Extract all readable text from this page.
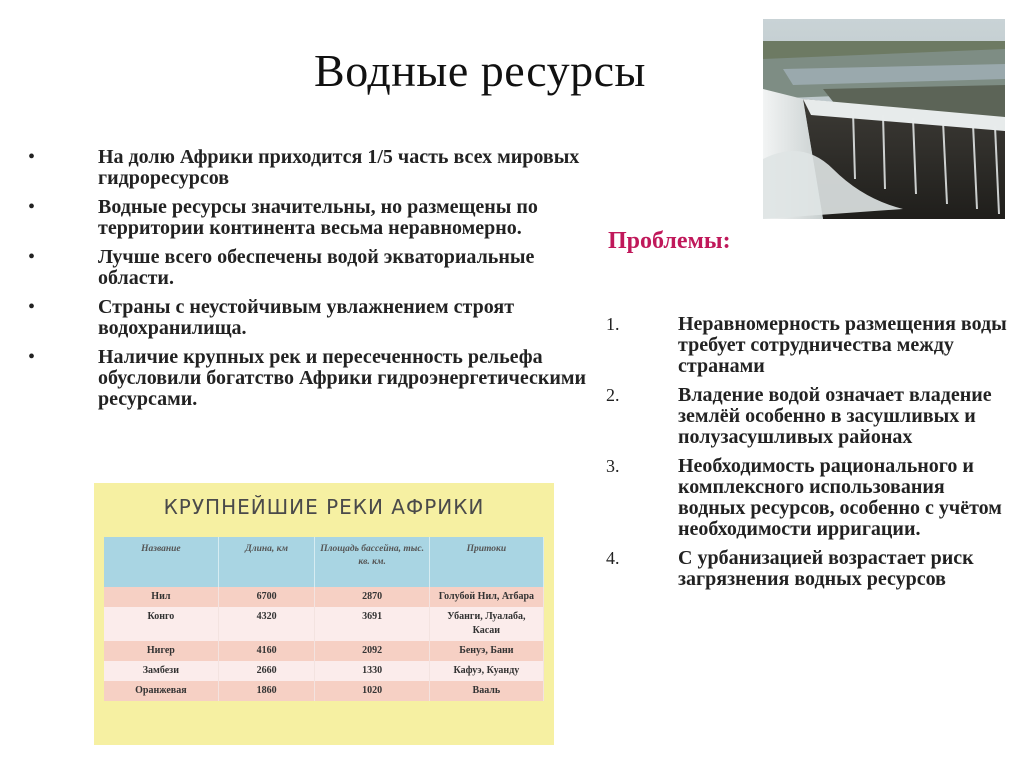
Водные ресурсы
•	На долю Африки приходится 1/5 часть всех мировых гидроресурсов
•	Водные ресурсы значительны, но размещены по территории континента весьма неравномерно.
•	Лучше всего обеспечены водой экваториальные области.
•	Страны с неустойчивым увлажнением строят водохранилища.
•	Наличие крупных рек и пересеченность рельефа обусловили богатство Африки гидроэнергетическими ресурсами.
КРУПНЕЙШИЕ РЕКИ АФРИКИ
Название	Длина, км	Площадь бассейна, тыс. кв. км.	Притоки
Нил	6700	2870	Голубой Нил, Атбара
Конго	4320	3691	Убанги, Луалаба, Касаи
Нигер	4160	2092	Бенуэ, Бани
Замбези	2660	1330	Кафуэ, Куанду
Оранжевая	1860	1020	Вааль
Проблемы:
1.	Неравномерность размещения воды требует сотрудничества между странами
2.	Владение водой означает владение землёй особенно в засушливых и полузасушливых районах
3.	Необходимость рационального и комплексного использования водных ресурсов, особенно с учётом необходимости ирригации.
4.	С урбанизацией возрастает риск загрязнения водных ресурсов
